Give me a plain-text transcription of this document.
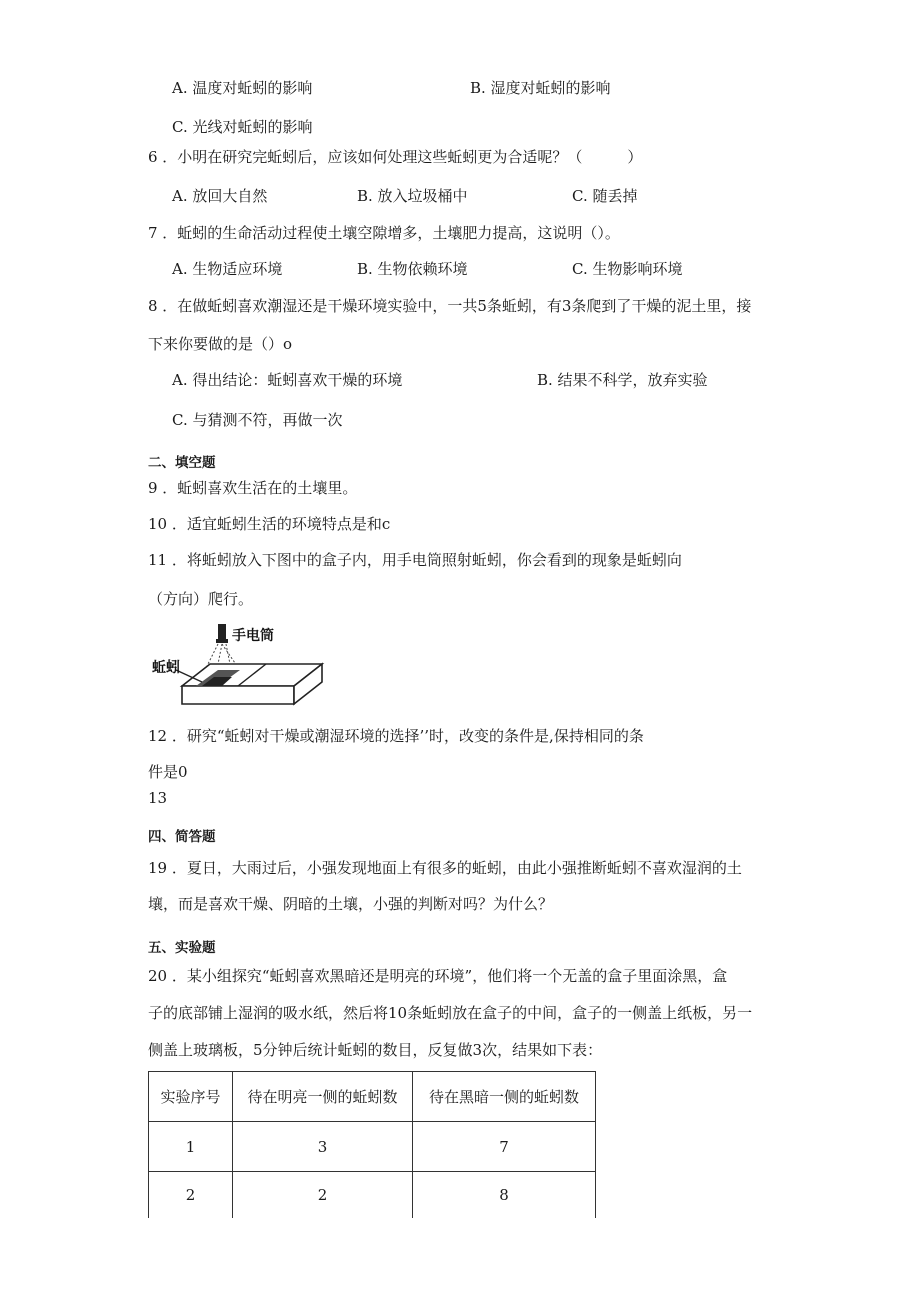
A. 温度对蚯蚓的影响	B. 湿度对蚯蚓的影响
C. 光线对蚯蚓的影响
6 ．小明在研究完蚯蚓后，应该如何处理这些蚯蚓更为合适呢？（　　　）
A. 放回大自然	B. 放入垃圾桶中	C. 随丢掉
7 ．蚯蚓的生命活动过程使土壤空隙增多，土壤肥力提高，这说明（）。
A. 生物适应环境	B. 生物依赖环境	C. 生物影响环境
8 ．在做蚯蚓喜欢潮湿还是干燥环境实验中，一共5条蚯蚓，有3条爬到了干燥的泥土里，接
下来你要做的是（）o
A. 得出结论：蚯蚓喜欢干燥的环境	B. 结果不科学，放弃实验
C. 与猜测不符，再做一次
二、填空题
9 ．蚯蚓喜欢生活在的土壤里。
10 ．适宜蚯蚓生活的环境特点是和c
11 ．将蚯蚓放入下图中的盒子内，用手电筒照射蚯蚓，你会看到的现象是蚯蚓向
（方向）爬行。
手电筒
蚯蚓
12 ．研究“蚯蚓对干燥或潮湿环境的选择’’时，改变的条件是,保持相同的条
件是0
13
四、简答题
19 ．夏日，大雨过后，小强发现地面上有很多的蚯蚓，由此小强推断蚯蚓不喜欢湿润的土
壤，而是喜欢干燥、阴暗的土壤，小强的判断对吗？为什么？
五、实验题
20 ．某小组探究“蚯蚓喜欢黑暗还是明亮的环境”，他们将一个无盖的盒子里面涂黑，盒
子的底部铺上湿润的吸水纸，然后将10条蚯蚓放在盒子的中间，盒子的一侧盖上纸板，另一
侧盖上玻璃板，5分钟后统计蚯蚓的数目，反复做3次，结果如下表：
实验序号	待在明亮一侧的蚯蚓数	待在黑暗一侧的蚯蚓数
1	3	7
2	2	8
